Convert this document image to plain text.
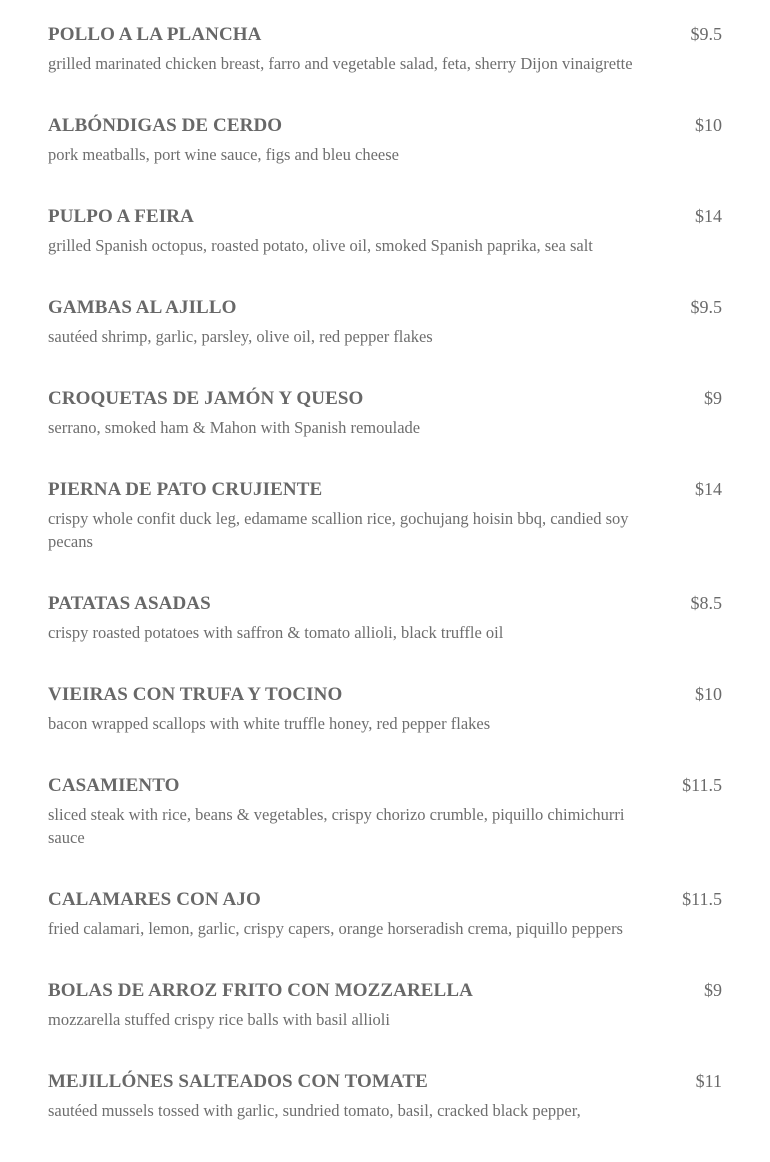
POLLO A LA PLANCHA	$9.5
grilled marinated chicken breast, farro and vegetable salad, feta, sherry Dijon vinaigrette
ALBÓNDIGAS DE CERDO	$10
pork meatballs, port wine sauce, figs and bleu cheese
PULPO A FEIRA	$14
grilled Spanish octopus, roasted potato, olive oil, smoked Spanish paprika, sea salt
GAMBAS AL AJILLO	$9.5
sautéed shrimp, garlic, parsley, olive oil, red pepper flakes
CROQUETAS DE JAMÓN Y QUESO	$9
serrano, smoked ham & Mahon with Spanish remoulade
PIERNA DE PATO CRUJIENTE	$14
crispy whole confit duck leg, edamame scallion rice, gochujang hoisin bbq, candied soy pecans
PATATAS ASADAS	$8.5
crispy roasted potatoes with saffron & tomato allioli, black truffle oil
VIEIRAS CON TRUFA Y TOCINO	$10
bacon wrapped scallops with white truffle honey, red pepper flakes
CASAMIENTO	$11.5
sliced steak with rice, beans & vegetables, crispy chorizo crumble, piquillo chimichurri sauce
CALAMARES CON AJO	$11.5
fried calamari, lemon, garlic, crispy capers, orange horseradish crema, piquillo peppers
BOLAS DE ARROZ FRITO CON MOZZARELLA	$9
mozzarella stuffed crispy rice balls with basil allioli
MEJILLÓNES SALTEADOS CON TOMATE	$11
sautéed mussels tossed with garlic, sundried tomato, basil, cracked black pepper,
